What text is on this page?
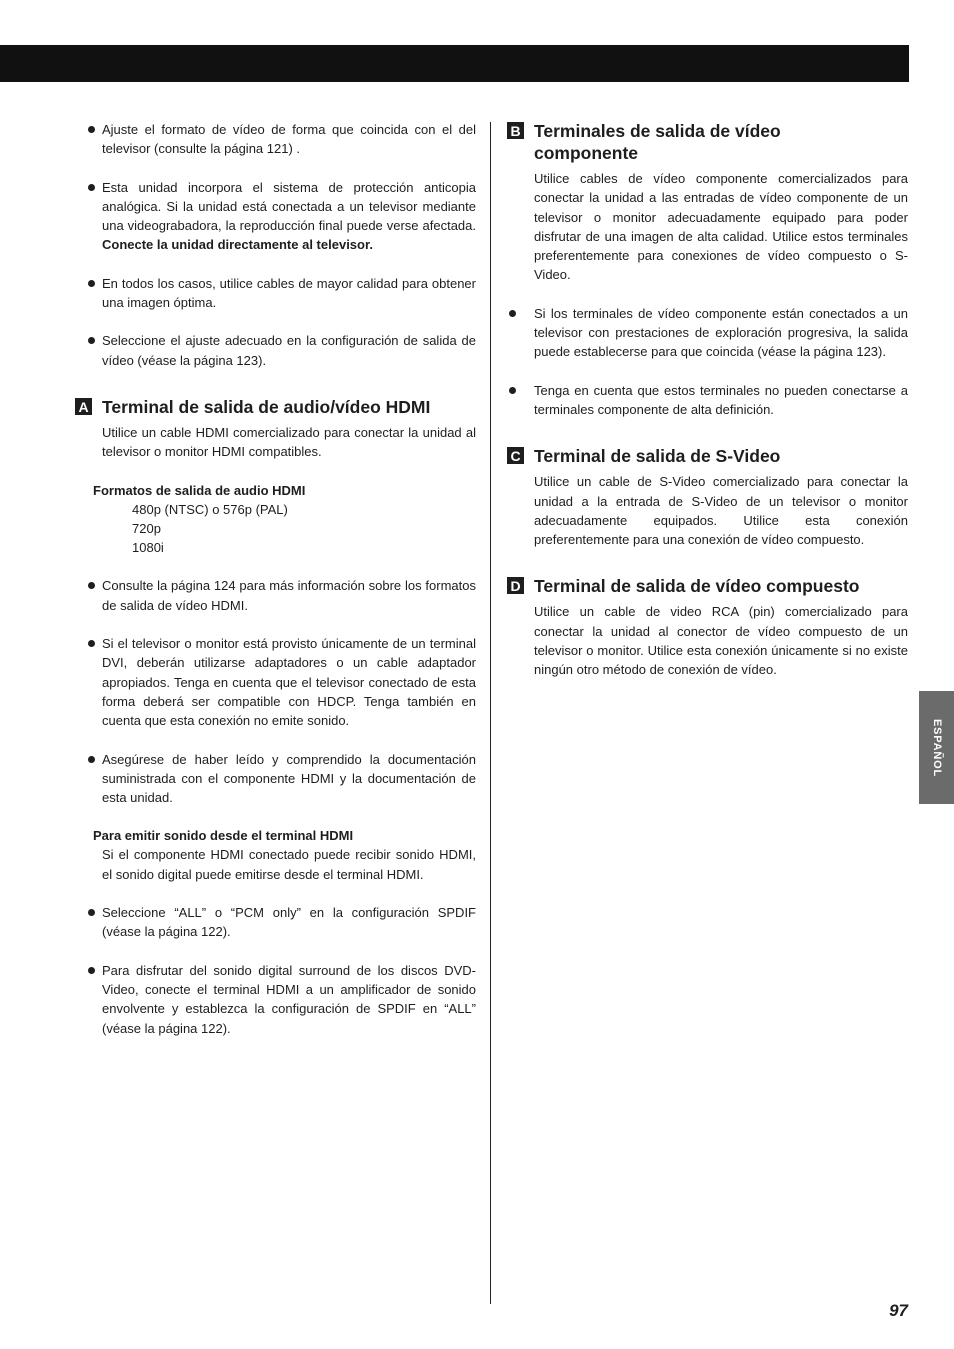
ESPAÑOL
97

Ajuste el formato de vídeo de forma que coincida con el del televisor (consulte la página 121) .

Esta unidad incorpora el sistema de protección anticopia analógica. Si la unidad está conectada a un televisor mediante una videograbadora, la reproducción final puede verse afectada. Conecte la unidad directamente al televisor.

En todos los casos, utilice cables de mayor calidad para obtener una imagen óptima.

Seleccione el ajuste adecuado en la configuración de salida de vídeo (véase la página 123).

A Terminal de salida de audio/vídeo HDMI

Utilice un cable HDMI comercializado para conectar la unidad al televisor o monitor HDMI compatibles.

Formatos de salida de audio HDMI

480p (NTSC) o 576p (PAL)

720p

1080i

Consulte la página 124 para más información sobre los formatos de salida de vídeo HDMI.

Si el televisor o monitor está provisto únicamente de un terminal DVI, deberán utilizarse adaptadores o un cable adaptador apropiados. Tenga en cuenta que el televisor conectado de esta forma deberá ser compatible con HDCP. Tenga también en cuenta que esta conexión no emite sonido.

Asegúrese de haber leído y comprendido la documentación suministrada con el componente HDMI y la documentación de esta unidad.

Para emitir sonido desde el terminal HDMI

Si el componente HDMI conectado puede recibir sonido HDMI, el sonido digital puede emitirse desde el terminal HDMI.

Seleccione “ALL” o “PCM only” en la configuración SPDIF (véase la página 122).

Para disfrutar del sonido digital surround de los discos DVD-Video, conecte el terminal HDMI a un amplificador de sonido envolvente y establezca la configuración de SPDIF en “ALL” (véase la página 122).

B Terminales de salida de vídeo
componente

Utilice cables de vídeo componente comercializados para conectar la unidad a las entradas de vídeo componente de un televisor o monitor adecuadamente equipado para poder disfrutar de una imagen de alta calidad. Utilice estos terminales preferentemente para conexiones de vídeo compuesto o S-Video.

Si los terminales de vídeo componente están conectados a un televisor con prestaciones de exploración progresiva, la salida puede establecerse para que coincida (véase la página 123).

Tenga en cuenta que estos terminales no pueden conectarse a terminales componente de alta definición.

C Terminal de salida de S-Video

Utilice un cable de S-Video comercializado para conectar la unidad a la entrada de S-Video de un televisor o monitor adecuadamente equipados. Utilice esta conexión preferentemente para una conexión de vídeo compuesto.

D Terminal de salida de vídeo compuesto

Utilice un cable de video RCA (pin) comercializado para conectar la unidad al conector de vídeo compuesto de un televisor o monitor. Utilice esta conexión únicamente si no existe ningún otro método de conexión de vídeo.
